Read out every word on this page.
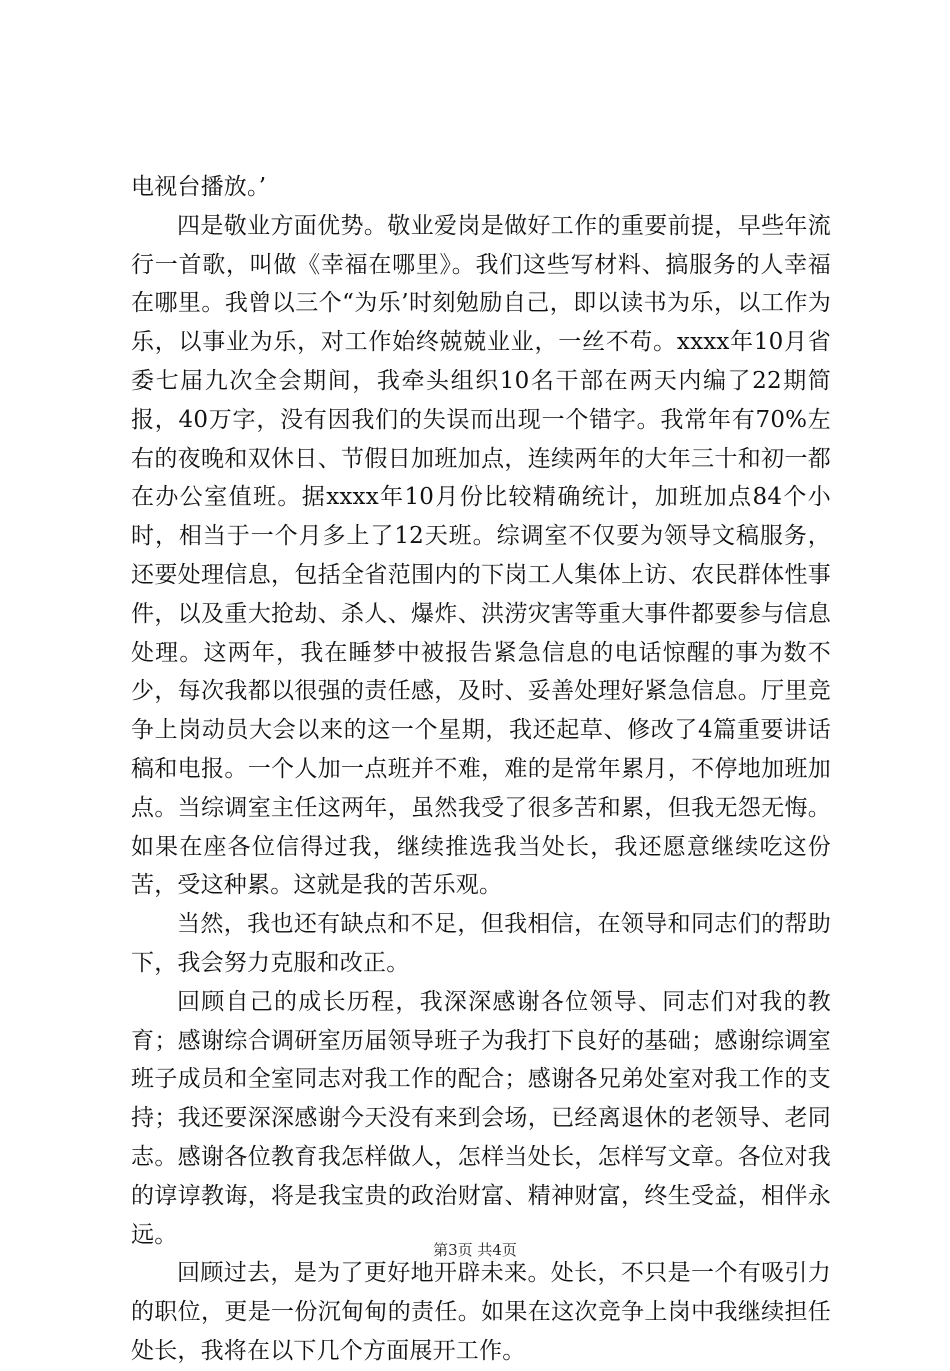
电视台播放。’

四是敬业方面优势。敬业爱岗是做好工作的重要前提，早些年流行一首歌，叫做《幸福在哪里》。我们这些写材料、搞服务的人幸福在哪里。我曾以三个“为乐’时刻勉励自己，即以读书为乐，以工作为乐，以事业为乐，对工作始终兢兢业业，一丝不苟。xxxx年10月省委七届九次全会期间，我牵头组织10名干部在两天内编了22期简报，40万字，没有因我们的失误而出现一个错字。我常年有70%左右的夜晚和双休日、节假日加班加点，连续两年的大年三十和初一都在办公室值班。据xxxx年10月份比较精确统计，加班加点84个小时，相当于一个月多上了12天班。综调室不仅要为领导文稿服务，还要处理信息，包括全省范围内的下岗工人集体上访、农民群体性事件，以及重大抢劫、杀人、爆炸、洪涝灾害等重大事件都要参与信息处理。这两年，我在睡梦中被报告紧急信息的电话惊醒的事为数不少，每次我都以很强的责任感，及时、妥善处理好紧急信息。厅里竞争上岗动员大会以来的这一个星期，我还起草、修改了4篇重要讲话稿和电报。一个人加一点班并不难，难的是常年累月，不停地加班加点。当综调室主任这两年，虽然我受了很多苦和累，但我无怨无悔。如果在座各位信得过我，继续推选我当处长，我还愿意继续吃这份苦，受这种累。这就是我的苦乐观。

当然，我也还有缺点和不足，但我相信，在领导和同志们的帮助下，我会努力克服和改正。

回顾自己的成长历程，我深深感谢各位领导、同志们对我的教育；感谢综合调研室历届领导班子为我打下良好的基础；感谢综调室班子成员和全室同志对我工作的配合；感谢各兄弟处室对我工作的支持；我还要深深感谢今天没有来到会场，已经离退休的老领导、老同志。感谢各位教育我怎样做人，怎样当处长，怎样写文章。各位对我的谆谆教诲，将是我宝贵的政治财富、精神财富，终生受益，相伴永远。

回顾过去，是为了更好地开辟未来。处长，不只是一个有吸引力的职位，更是一份沉甸甸的责任。如果在这次竞争上岗中我继续担任处长，我将在以下几个方面展开工作。

第3页 共4页
